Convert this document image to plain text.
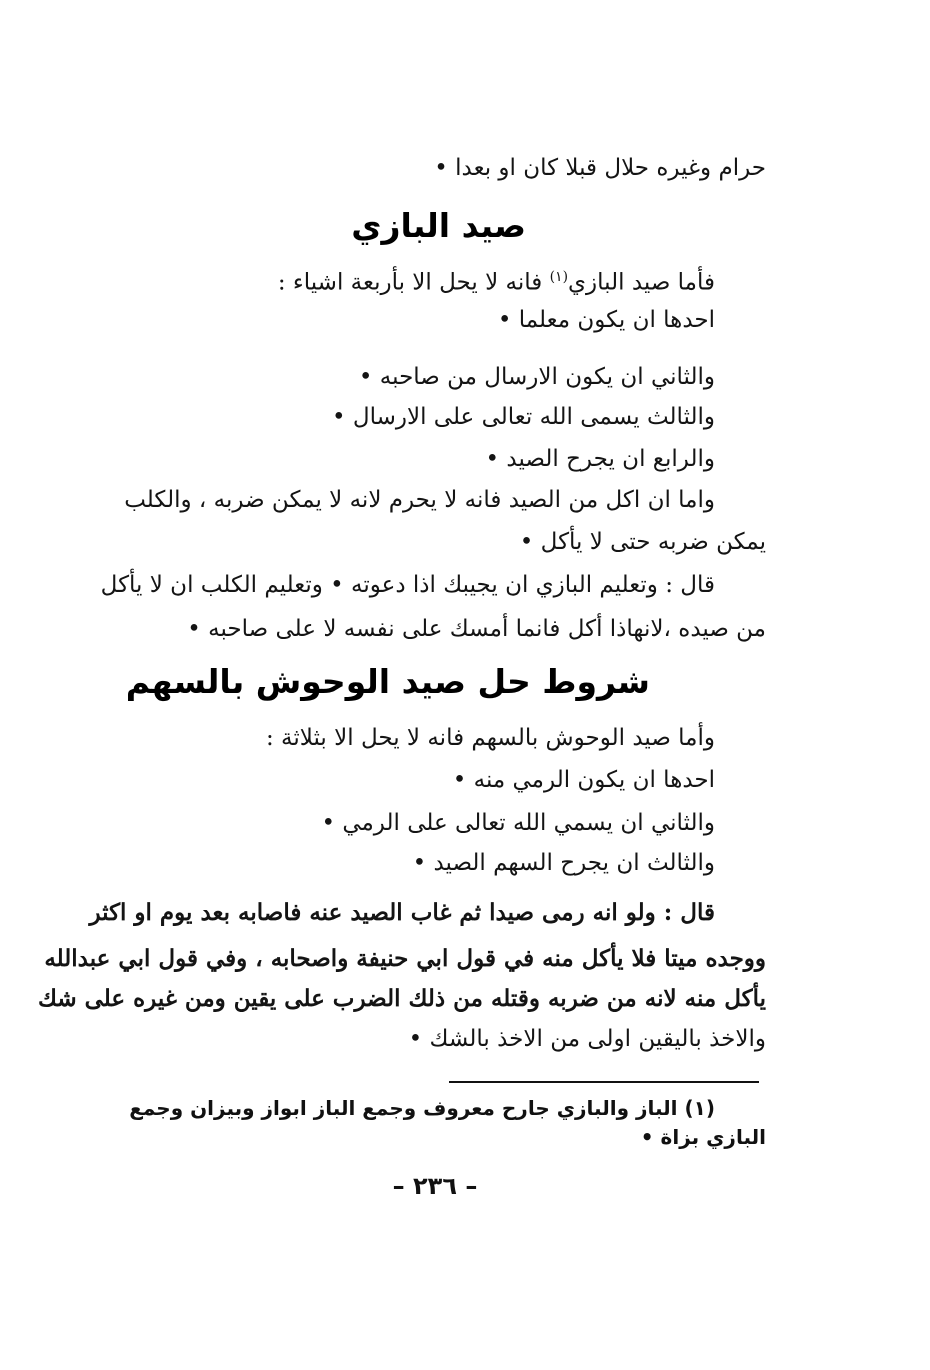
حرام وغيره حلال قبلا كان او بعدا •
صيد البازي
فأما صيد البازي$^{(١)}$ فانه لا يحل الا بأربعة اشياء :
احدها ان يكون معلما •
والثاني ان يكون الارسال من صاحبه •
والثالث يسمى الله تعالى على الارسال •
والرابع ان يجرح الصيد •
واما ان اكل من الصيد فانه لا يحرم لانه لا يمكن ضربه ، والكلب
يمكن ضربه حتى لا يأكل •
قال : وتعليم البازي ان يجيبك اذا دعوته • وتعليم الكلب ان لا يأكل
من صيده ،لانهاذا أكل فانما أمسك على نفسه لا على صاحبه •
شروط حل صيد الوحوش بالسهم
وأما صيد الوحوش بالسهم فانه لا يحل الا بثلاثة :
احدها ان يكون الرمي منه •
والثاني ان يسمي الله تعالى على الرمي •
والثالث ان يجرح السهم الصيد •
قال : ولو انه رمى صيدا ثم غاب الصيد عنه فاصابه بعد يوم او اكثر
ووجده ميتا فلا يأكل منه في قول ابي حنيفة واصحابه ، وفي قول ابي عبدالله
يأكل منه لانه من ضربه وقتله من ذلك الضرب على يقين ومن غيره على شك
والاخذ باليقين اولى من الاخذ بالشك •
(١) الباز والبازي جارح معروف وجمع الباز ابواز وبيزان وجمع
البازي بزاة •
– ٢٣٦ –
